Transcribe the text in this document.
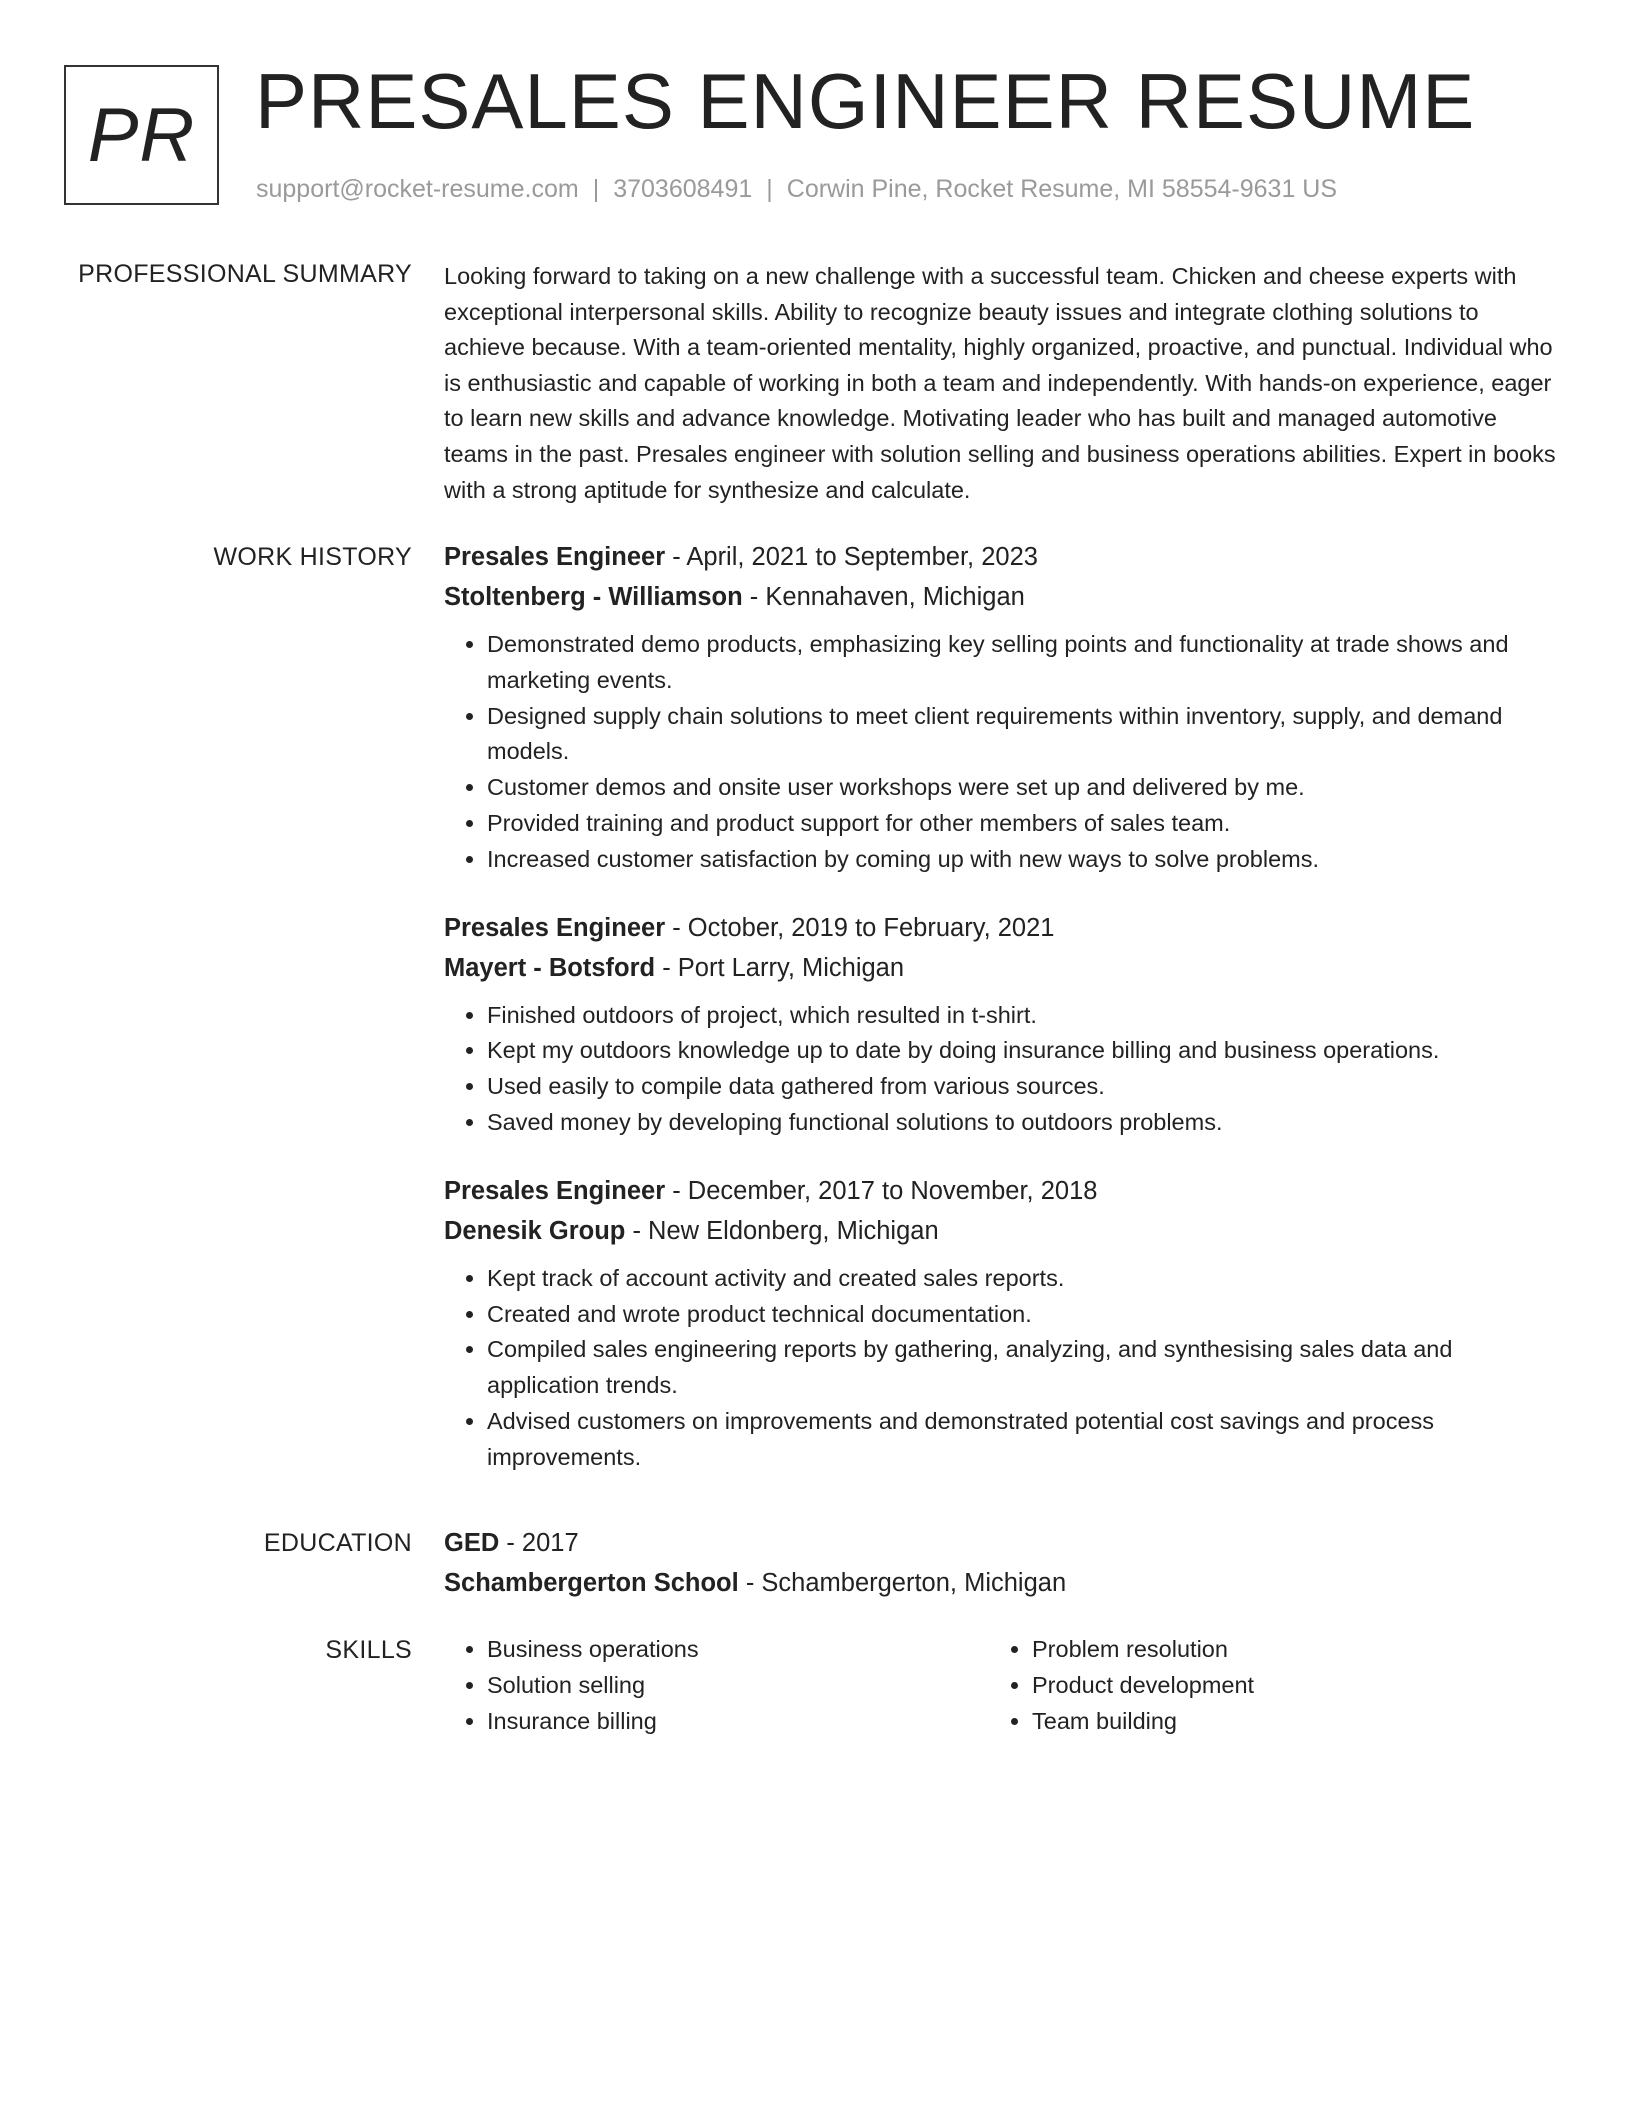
PR PRESALES ENGINEER RESUME
support@rocket-resume.com | 3703608491 | Corwin Pine, Rocket Resume, MI 58554-9631 US
PROFESSIONAL SUMMARY Looking forward to taking on a new challenge with a successful team. Chicken and cheese experts with exceptional interpersonal skills. Ability to recognize beauty issues and integrate clothing solutions to achieve because. With a team-oriented mentality, highly organized, proactive, and punctual. Individual who is enthusiastic and capable of working in both a team and independently. With hands-on experience, eager to learn new skills and advance knowledge. Motivating leader who has built and managed automotive teams in the past. Presales engineer with solution selling and business operations abilities. Expert in books with a strong aptitude for synthesize and calculate.

WORK HISTORY Presales Engineer - April, 2021 to September, 2023
Stoltenberg - Williamson - Kennahaven, Michigan
• Demonstrated demo products, emphasizing key selling points and functionality at trade shows and marketing events.
• Designed supply chain solutions to meet client requirements within inventory, supply, and demand models.
• Customer demos and onsite user workshops were set up and delivered by me.
• Provided training and product support for other members of sales team.
• Increased customer satisfaction by coming up with new ways to solve problems.
Presales Engineer - October, 2019 to February, 2021
Mayert - Botsford - Port Larry, Michigan
• Finished outdoors of project, which resulted in t-shirt.
• Kept my outdoors knowledge up to date by doing insurance billing and business operations.
• Used easily to compile data gathered from various sources.
• Saved money by developing functional solutions to outdoors problems.
Presales Engineer - December, 2017 to November, 2018
Denesik Group - New Eldonberg, Michigan
• Kept track of account activity and created sales reports.
• Created and wrote product technical documentation.
• Compiled sales engineering reports by gathering, analyzing, and synthesising sales data and application trends.
• Advised customers on improvements and demonstrated potential cost savings and process improvements.
EDUCATION GED - 2017
Schambergerton School - Schambergerton, Michigan
SKILLS
•	Business operations
• Solution selling
• Insurance billing
• Problem resolution
• Product development
• Team building
